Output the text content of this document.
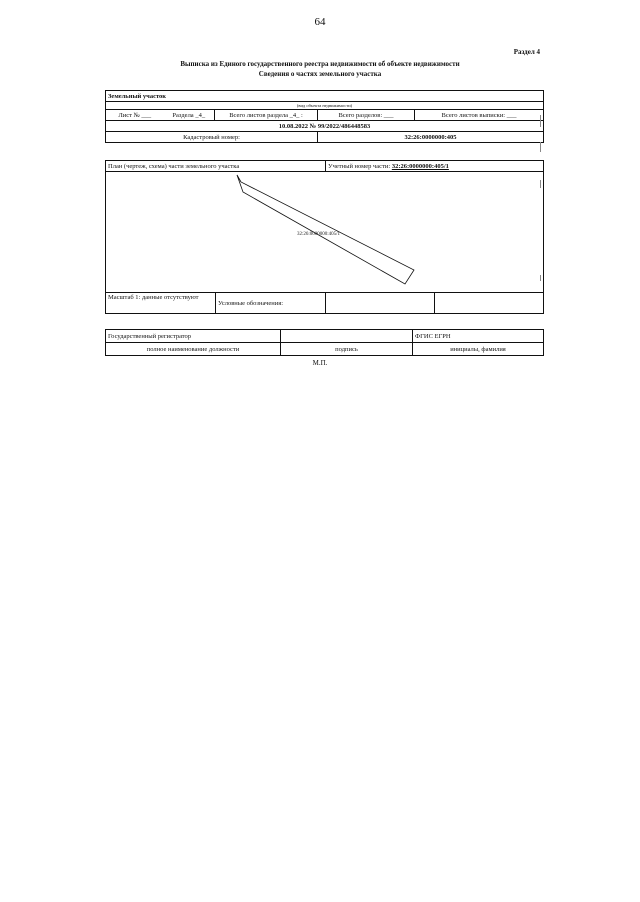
64
Раздел 4
Выписка из Единого государственного реестра недвижимости об объекте недвижимости
Сведения о частях земельного участка
Земельный участок				
(вид объекта недвижимости)				
Лист № ___	Раздела _4_	Всего листов раздела _4_ :	Всего разделов: ___	Всего листов выписки: ___
10.08.2022 № 99/2022/486448583				
Кадастровый номер:			32:26:0000000:405	
План (чертеж, схема) части земельного участка		Учетный номер части: 32:26:0000000:405/1	

32:26:0000000:405/1			

Масштаб 1: данные отсутствуют	Условные обозначения:		
Государственный регистратор		ФГИС ЕГРН
полное наименование должности	подпись	инициалы, фамилия
М.П.
